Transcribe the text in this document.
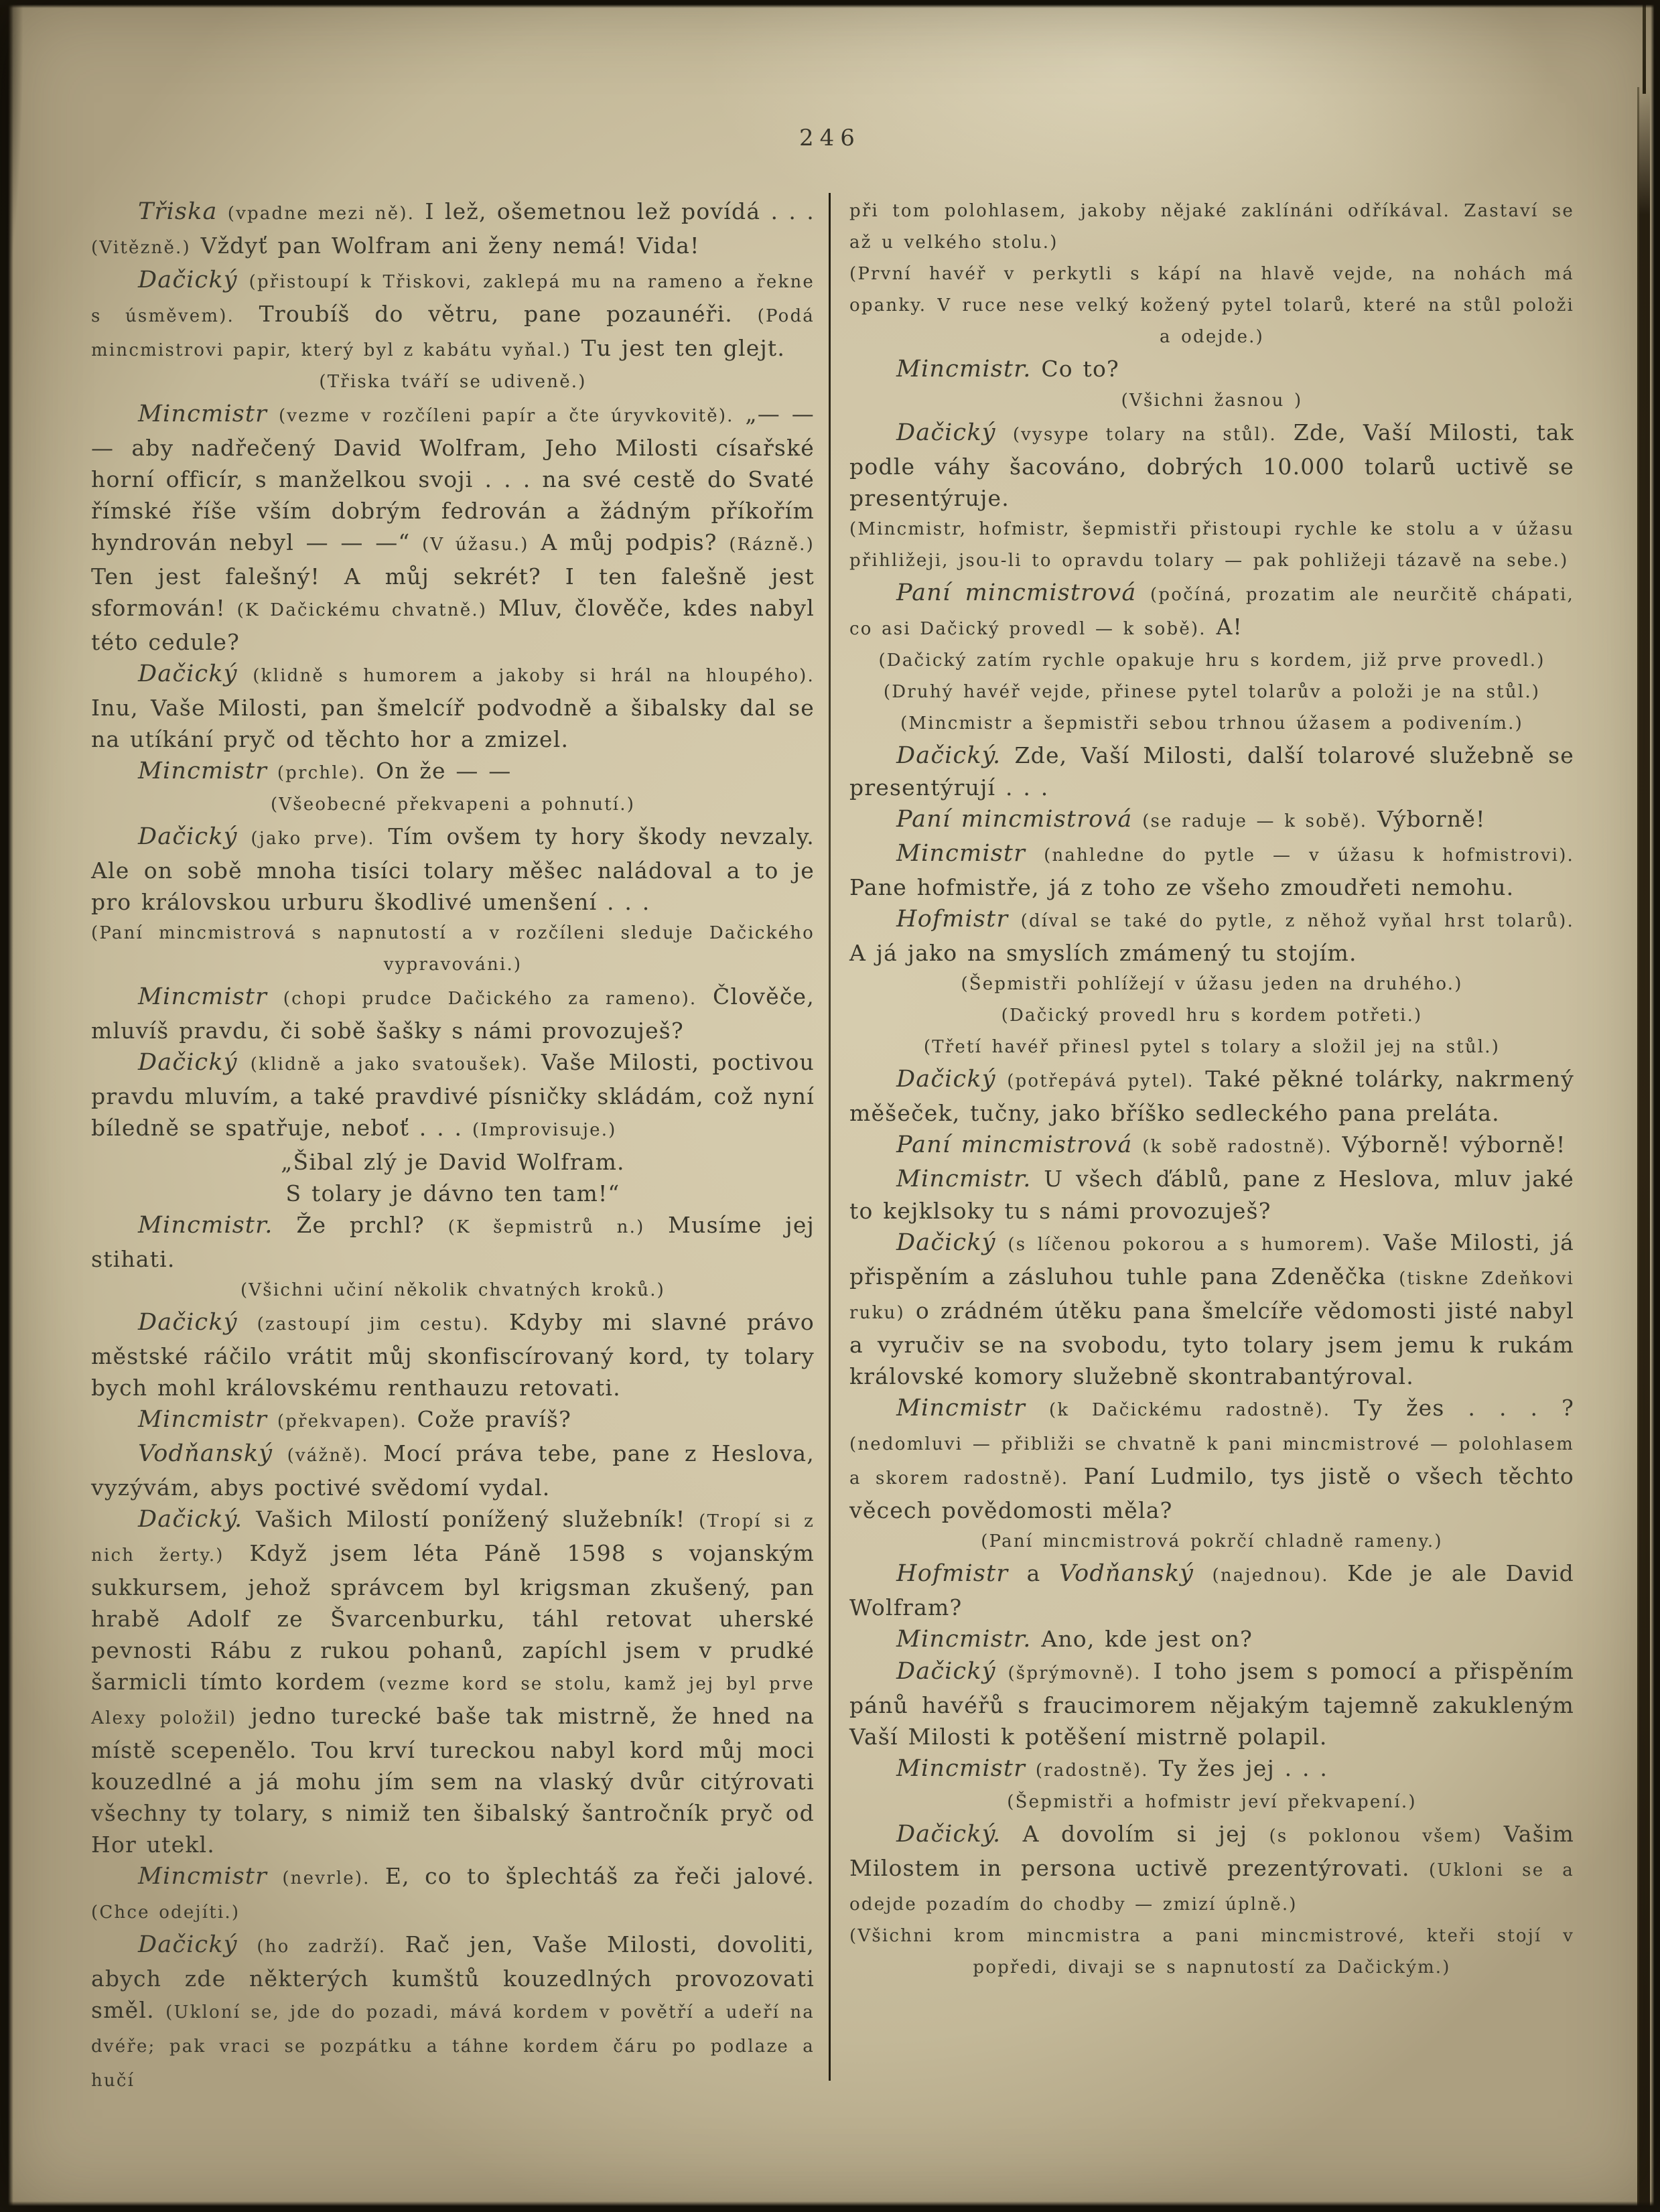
246
Třiska (vpadne mezi ně). I lež, ošemetnou lež povídá . . . (Vitězně.) Vždyť pan Wolfram ani ženy nemá! Vida!
Dačický (přistoupí k Třiskovi, zaklepá mu na rameno a řekne s úsměvem). Troubíš do větru, pane pozaunéři. (Podá mincmistrovi papir, který byl z kabátu vyňal.) Tu jest ten glejt.
(Třiska tváří se udiveně.)
Mincmistr (vezme v rozčíleni papír a čte úryvkovitě). „— — — aby nadřečený David Wolfram, Jeho Milosti císařské horní officír, s manželkou svoji . . . na své cestě do Svaté římské říše vším dobrým fedrován a žádným příkořím hyndrován nebyl — — —“ (V úžasu.) A můj podpis? (Rázně.) Ten jest falešný! A můj sekrét? I ten falešně jest sformován! (K Dačickému chvatně.) Mluv, člověče, kdes nabyl této cedule?
Dačický (klidně s humorem a jakoby si hrál na hloupého). Inu, Vaše Milosti, pan šmelcíř podvodně a šibalsky dal se na utíkání pryč od těchto hor a zmizel.
Mincmistr (prchle). On že — —
(Všeobecné překvapeni a pohnutí.)
Dačický (jako prve). Tím ovšem ty hory škody nevzaly. Ale on sobě mnoha tisíci tolary měšec naládoval a to je pro královskou urburu škodlivé umenšení . . .
(Paní mincmistrová s napnutostí a v rozčíleni sleduje Dačického vypravováni.)
Mincmistr (chopi prudce Dačického za rameno). Člověče, mluvíš pravdu, či sobě šašky s námi provozuješ?
Dačický (klidně a jako svatoušek). Vaše Milosti, poctivou pravdu mluvím, a také pravdivé písničky skládám, což nyní bíledně se spatřuje, neboť . . . (Improvisuje.)
„Šibal zlý je David Wolfram.
S tolary je dávno ten tam!“
Mincmistr. Že prchl? (K šepmistrů n.) Musíme jej stihati.
(Všichni učiní několik chvatných kroků.)
Dačický (zastoupí jim cestu). Kdyby mi slavné právo městské ráčilo vrátit můj skonfiscírovaný kord, ty tolary bych mohl královskému renthauzu retovati.
Mincmistr (překvapen). Cože pravíš?
Vodňanský (vážně). Mocí práva tebe, pane z Heslova, vyzývám, abys poctivé svědomí vydal.
Dačický. Vašich Milostí ponížený služebník! (Tropí si z nich žerty.) Když jsem léta Páně 1598 s vojanským sukkursem, jehož správcem byl krigsman zkušený, pan hrabě Adolf ze Švarcenburku, táhl retovat uherské pevnosti Rábu z rukou pohanů, zapíchl jsem v prudké šarmicli tímto kordem (vezme kord se stolu, kamž jej byl prve Alexy položil) jedno turecké baše tak mistrně, že hned na místě scepenělo. Tou krví tureckou nabyl kord můj moci kouzedlné a já mohu jím sem na vlaský dvůr citýrovati všechny ty tolary, s nimiž ten šibalský šantročník pryč od Hor utekl.
Mincmistr (nevrle). E, co to šplechtáš za řeči jalové. (Chce odejíti.)
Dačický (ho zadrží). Rač jen, Vaše Milosti, dovoliti, abych zde některých kumštů kouzedlných provozovati směl. (Ukloní se, jde do pozadi, mává kordem v povětří a udeří na dvéře; pak vraci se pozpátku a táhne kordem čáru po podlaze a hučí
při tom polohlasem, jakoby nějaké zaklínáni odříkával. Zastaví se až u velkého stolu.)
(První havéř v perkytli s kápí na hlavě vejde, na nohách má opanky. V ruce nese velký kožený pytel tolarů, které na stůl položi a odejde.)
Mincmistr. Co to?
(Všichni žasnou )
Dačický (vysype tolary na stůl). Zde, Vaší Milosti, tak podle váhy šacováno, dobrých 10.000 tolarů uctivě se presentýruje.
(Mincmistr, hofmistr, šepmistři přistoupi rychle ke stolu a v úžasu přihližeji, jsou-li to opravdu tolary — pak pohližeji tázavě na sebe.)
Paní mincmistrová (počíná, prozatim ale neurčitě chápati, co asi Dačický provedl — k sobě). A!
(Dačický zatím rychle opakuje hru s kordem, již prve provedl.)
(Druhý havéř vejde, přinese pytel tolarův a položi je na stůl.)
(Mincmistr a šepmistři sebou trhnou úžasem a podivením.)
Dačický. Zde, Vaší Milosti, další tolarové služebně se presentýrují . . .
Paní mincmistrová (se raduje — k sobě). Výborně!
Mincmistr (nahledne do pytle — v úžasu k hofmistrovi). Pane hofmistře, já z toho ze všeho zmoudřeti nemohu.
Hofmistr (díval se také do pytle, z něhož vyňal hrst tolarů). A já jako na smyslích zmámený tu stojím.
(Šepmistři pohlížejí v úžasu jeden na druhého.)
(Dačický provedl hru s kordem potřeti.)
(Třetí havéř přinesl pytel s tolary a složil jej na stůl.)
Dačický (potřepává pytel). Také pěkné tolárky, nakrmený měšeček, tučny, jako bříško sedleckého pana preláta.
Paní mincmistrová (k sobě radostně). Výborně! výborně!
Mincmistr. U všech ďáblů, pane z Heslova, mluv jaké to kejklsoky tu s námi provozuješ?
Dačický (s líčenou pokorou a s humorem). Vaše Milosti, já přispěním a zásluhou tuhle pana Zdeněčka (tiskne Zdeňkovi ruku) o zrádném útěku pana šmelcíře vědomosti jisté nabyl a vyručiv se na svobodu, tyto tolary jsem jemu k rukám královské komory služebně skontrabantýroval.
Mincmistr (k Dačickému radostně). Ty žes . . . ? (nedomluvi — přibliži se chvatně k pani mincmistrové — polohlasem a skorem radostně). Paní Ludmilo, tys jistě o všech těchto věcech povědomosti měla?
(Paní mincmistrová pokrčí chladně rameny.)
Hofmistr a Vodňanský (najednou). Kde je ale David Wolfram?
Mincmistr. Ano, kde jest on?
Dačický (šprýmovně). I toho jsem s pomocí a přispěním pánů havéřů s fraucimorem nějakým tajemně zakukleným Vaší Milosti k potěšení mistrně polapil.
Mincmistr (radostně). Ty žes jej . . .
(Šepmistři a hofmistr jeví překvapení.)
Dačický. A dovolím si jej (s poklonou všem) Vašim Milostem in persona uctivě prezentýrovati. (Ukloni se a odejde pozadím do chodby — zmizí úplně.)
(Všichni krom mincmistra a pani mincmistrové, kteři stojí v popředi, divaji se s napnutostí za Dačickým.)
